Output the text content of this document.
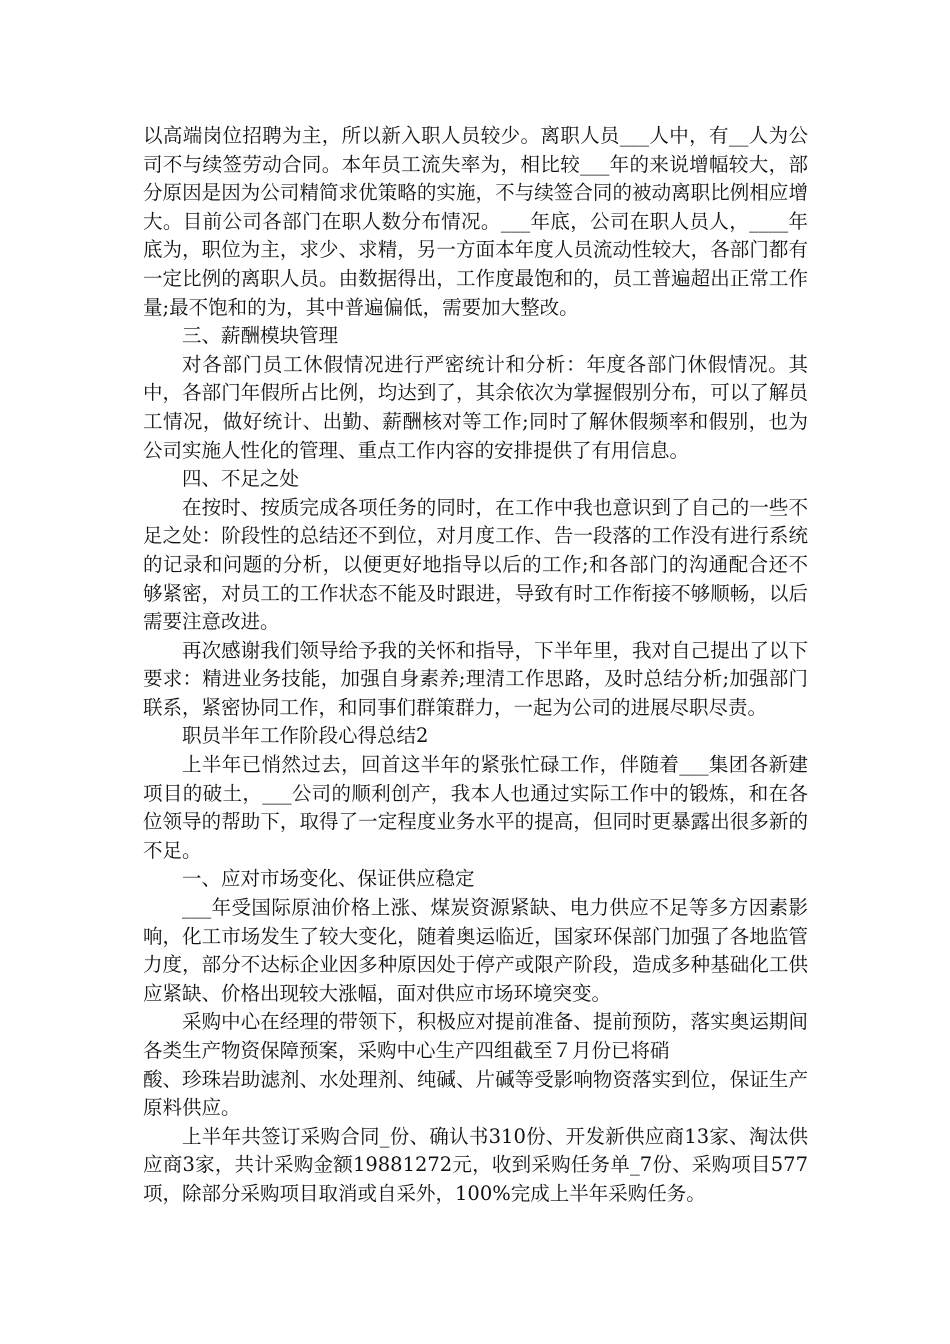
以高端岗位招聘为主，所以新入职人员较少。离职人员___人中，有__人为公司不与续签劳动合同。本年员工流失率为，相比较___年的来说增幅较大，部分原因是因为公司精简求优策略的实施，不与续签合同的被动离职比例相应增大。目前公司各部门在职人数分布情况。___年底，公司在职人员人，____年底为，职位为主，求少、求精，另一方面本年度人员流动性较大，各部门都有一定比例的离职人员。由数据得出，工作度最饱和的，员工普遍超出正常工作量;最不饱和的为，其中普遍偏低，需要加大整改。

三、薪酬模块管理

对各部门员工休假情况进行严密统计和分析：年度各部门休假情况。其中，各部门年假所占比例，均达到了，其余依次为掌握假别分布，可以了解员工情况，做好统计、出勤、薪酬核对等工作;同时了解休假频率和假别，也为公司实施人性化的管理、重点工作内容的安排提供了有用信息。

四、不足之处

在按时、按质完成各项任务的同时，在工作中我也意识到了自己的一些不足之处：阶段性的总结还不到位，对月度工作、告一段落的工作没有进行系统的记录和问题的分析，以便更好地指导以后的工作;和各部门的沟通配合还不够紧密，对员工的工作状态不能及时跟进，导致有时工作衔接不够顺畅，以后需要注意改进。

再次感谢我们领导给予我的关怀和指导，下半年里，我对自己提出了以下要求：精进业务技能，加强自身素养;理清工作思路，及时总结分析;加强部门联系，紧密协同工作，和同事们群策群力，一起为公司的进展尽职尽责。

职员半年工作阶段心得总结2

上半年已悄然过去，回首这半年的紧张忙碌工作，伴随着___集团各新建项目的破土，___公司的顺利创产，我本人也通过实际工作中的锻炼，和在各位领导的帮助下，取得了一定程度业务水平的提高，但同时更暴露出很多新的不足。

一、应对市场变化、保证供应稳定

___年受国际原油价格上涨、煤炭资源紧缺、电力供应不足等多方因素影响，化工市场发生了较大变化，随着奥运临近，国家环保部门加强了各地监管力度，部分不达标企业因多种原因处于停产或限产阶段，造成多种基础化工供应紧缺、价格出现较大涨幅，面对供应市场环境突变。

采购中心在经理的带领下，积极应对提前准备、提前预防，落实奥运期间各类生产物资保障预案，采购中心生产四组截至７月份已将硝

酸、珍珠岩助滤剂、水处理剂、纯碱、片碱等受影响物资落实到位，保证生产原料供应。

上半年共签订采购合同_份、确认书310份、开发新供应商13家、淘汰供应商3家，共计采购金额19881272元，收到采购任务单_7份、采购项目577项，除部分采购项目取消或自采外，100%完成上半年采购任务。
